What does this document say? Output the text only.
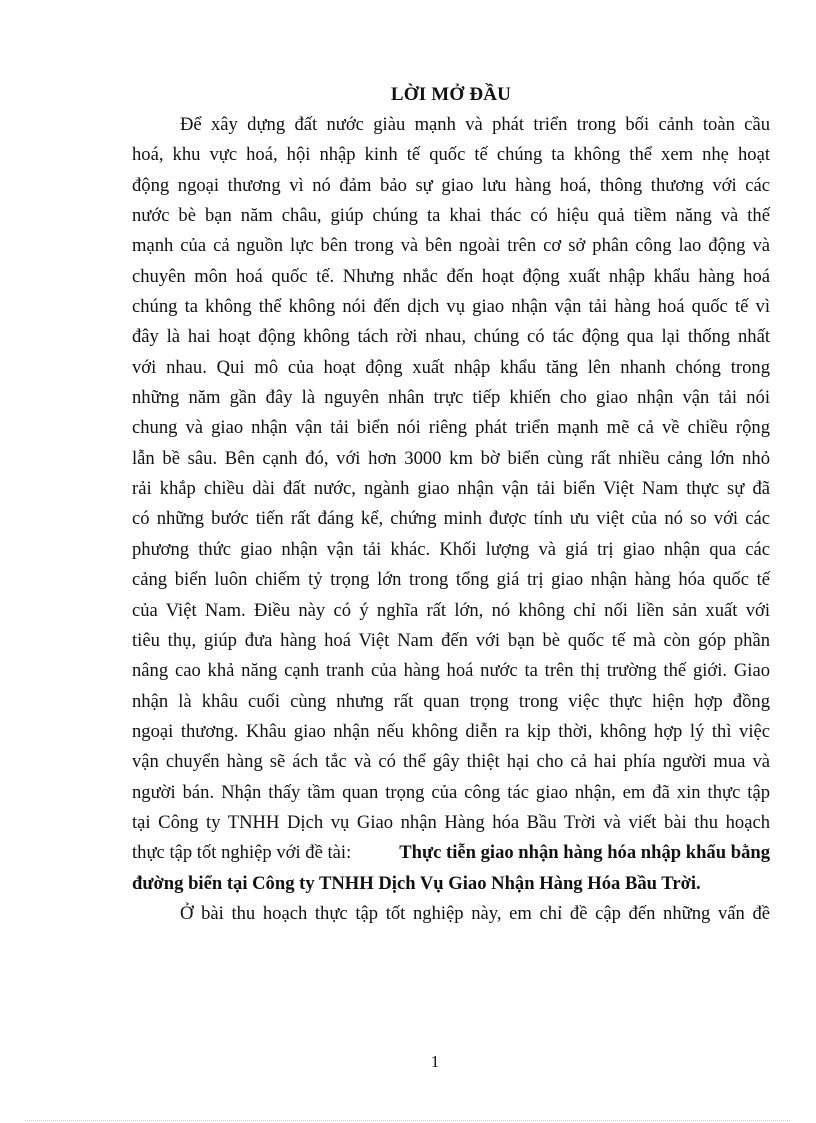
LỜI MỞ ĐẦU
Để xây dựng đất nước giàu mạnh và phát triển trong bối cảnh toàn cầu
hoá, khu vực hoá, hội nhập kinh tế quốc tế chúng ta không thể xem nhẹ hoạt
động ngoại thương vì nó đảm bảo sự giao lưu hàng hoá, thông thương với các
nước bè bạn năm châu, giúp chúng ta khai thác có hiệu quả tiềm năng và thế
mạnh của cả nguồn lực bên trong và bên ngoài trên cơ sở phân công lao động và
chuyên môn hoá quốc tế. Nhưng nhắc đến hoạt động xuất nhập khẩu hàng hoá
chúng ta không thể không nói đến dịch vụ giao nhận vận tải hàng hoá quốc tế vì
đây là hai hoạt động không tách rời nhau, chúng có tác động qua lại thống nhất
với nhau. Qui mô của hoạt động xuất nhập khẩu tăng lên nhanh chóng trong
những năm gần đây là nguyên nhân trực tiếp khiến cho giao nhận vận tải nói
chung và giao nhận vận tải biển nói riêng phát triển mạnh mẽ cả về chiều rộng
lẫn bề sâu. Bên cạnh đó, với hơn 3000 km bờ biển cùng rất nhiều cảng lớn nhỏ
rải khắp chiều dài đất nước, ngành giao nhận vận tải biển Việt Nam thực sự đã
có những bước tiến rất đáng kể, chứng minh được tính ưu việt của nó so với các
phương thức giao nhận vận tải khác. Khối lượng và giá trị giao nhận qua các
cảng biển luôn chiếm tỷ trọng lớn trong tổng giá trị giao nhận hàng hóa quốc tế
của Việt Nam. Điều này có ý nghĩa rất lớn, nó không chỉ nối liền sản xuất với
tiêu thụ, giúp đưa hàng hoá Việt Nam đến với bạn bè quốc tế mà còn góp phần
nâng cao khả năng cạnh tranh của hàng hoá nước ta trên thị trường thế giới. Giao
nhận là khâu cuối cùng nhưng rất quan trọng trong việc thực hiện hợp đồng
ngoại thương. Khâu giao nhận nếu không diễn ra kịp thời, không hợp lý thì việc
vận chuyển hàng sẽ ách tắc và có thể gây thiệt hại cho cả hai phía người mua và
người bán. Nhận thấy tầm quan trọng của công tác giao nhận, em đã xin thực tập
tại Công ty TNHH Dịch vụ Giao nhận Hàng hóa Bầu Trời và viết bài thu hoạch
thực tập tốt nghiệp với đề tài:	Thực tiễn giao nhận hàng hóa nhập khẩu bằng
đường biển tại Công ty TNHH Dịch Vụ Giao Nhận Hàng Hóa Bầu Trời.
Ở bài thu hoạch thực tập tốt nghiệp này, em chỉ đề cập đến những vấn đề
1
